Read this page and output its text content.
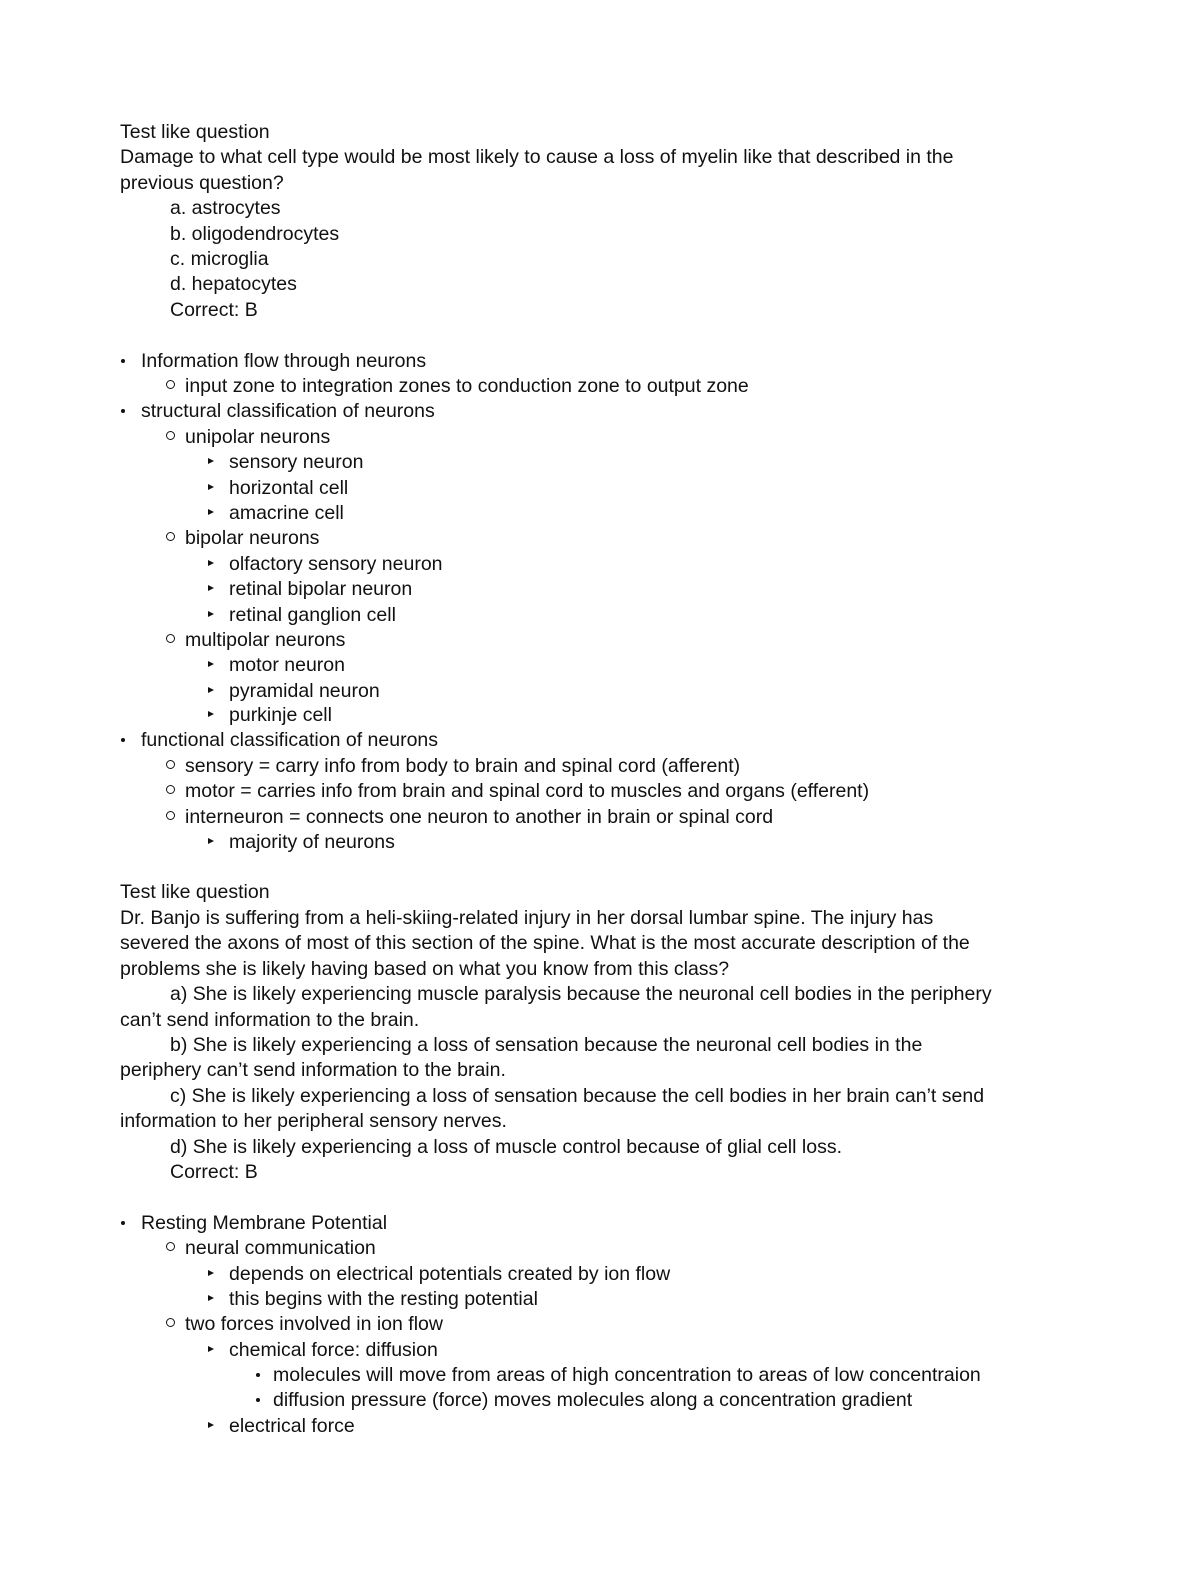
Test like question
Damage to what cell type would be most likely to cause a loss of myelin like that described in the
previous question?
a. astrocytes
b. oligodendrocytes
c. microglia
d. hepatocytes
Correct: B
Information flow through neurons
input zone to integration zones to conduction zone to output zone
structural classification of neurons
unipolar neurons
sensory neuron
horizontal cell
amacrine cell
bipolar neurons
olfactory sensory neuron
retinal bipolar neuron
retinal ganglion cell
multipolar neurons
motor neuron
pyramidal neuron
purkinje cell
functional classification of neurons
sensory = carry info from body to brain and spinal cord (afferent)
motor = carries info from brain and spinal cord to muscles and organs (efferent)
interneuron = connects one neuron to another in brain or spinal cord
majority of neurons
Test like question
Dr. Banjo is suffering from a heli-skiing-related injury in her dorsal lumbar spine. The injury has
severed the axons of most of this section of the spine. What is the most accurate description of the
problems she is likely having based on what you know from this class?
a) She is likely experiencing muscle paralysis because the neuronal cell bodies in the periphery
can’t send information to the brain.
b) She is likely experiencing a loss of sensation because the neuronal cell bodies in the
periphery can’t send information to the brain.
c) She is likely experiencing a loss of sensation because the cell bodies in her brain can’t send
information to her peripheral sensory nerves.
d) She is likely experiencing a loss of muscle control because of glial cell loss.
Correct: B
Resting Membrane Potential
neural communication
depends on electrical potentials created by ion flow
this begins with the resting potential
two forces involved in ion flow
chemical force: diffusion
molecules will move from areas of high concentration to areas of low concentraion
diffusion pressure (force) moves molecules along a concentration gradient
electrical force
